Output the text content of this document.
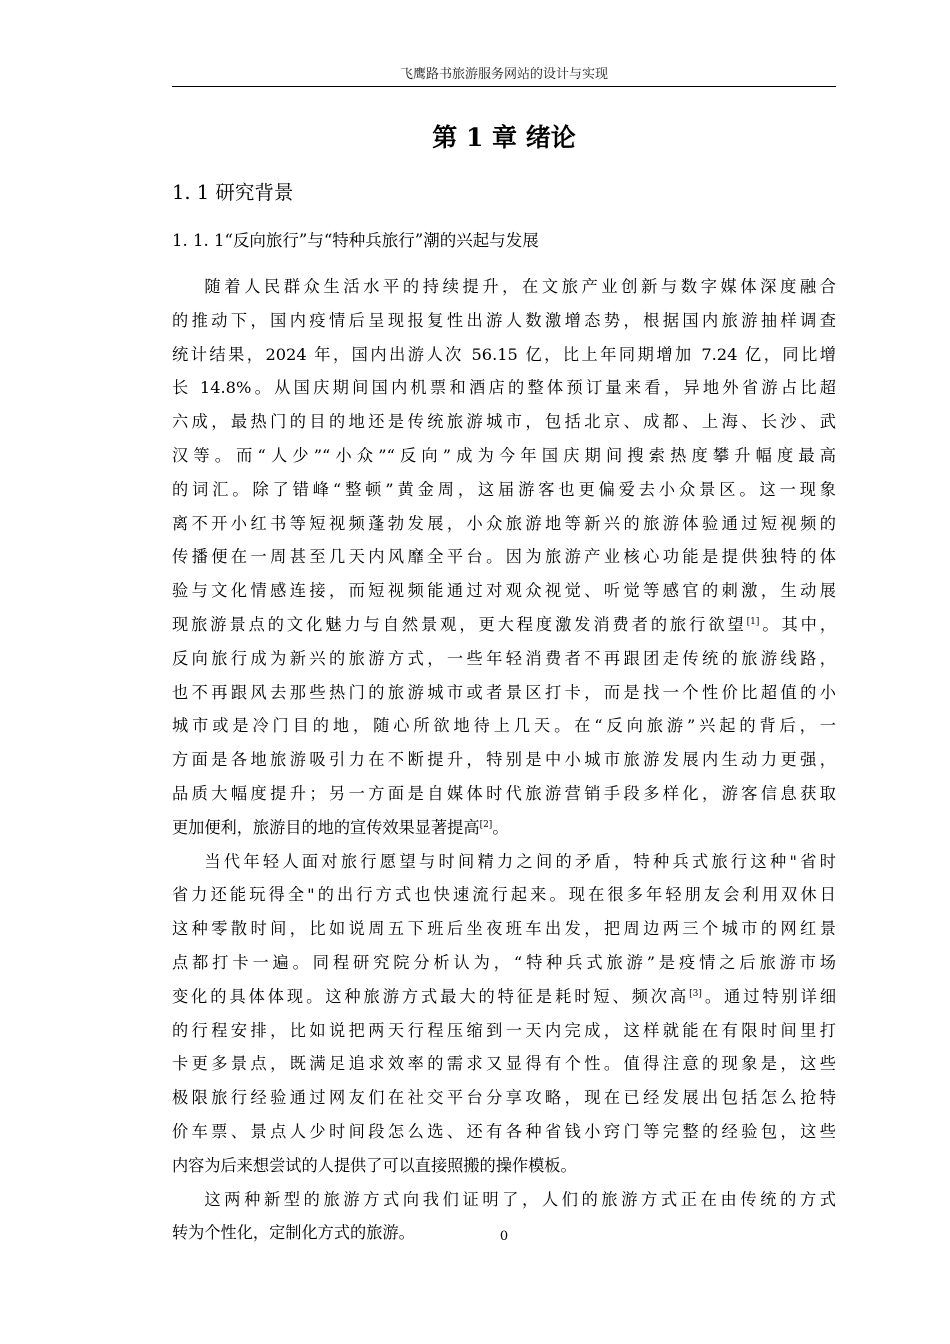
飞鹰路书旅游服务网站的设计与实现
第 1 章 绪论
1. 1 研究背景
1. 1. 1“反向旅行”与“特种兵旅行”潮的兴起与发展

随着人民群众生活水平的持续提升，在文旅产业创新与数字媒体深度融合
的推动下，国内疫情后呈现报复性出游人数激增态势，根据国内旅游抽样调查
统计结果，2024 年，国内出游人次 56.15 亿，比上年同期增加 7.24 亿，同比增
长 14.8%。从国庆期间国内机票和酒店的整体预订量来看，异地外省游占比超
六成，最热门的目的地还是传统旅游城市，包括北京、成都、上海、长沙、武
汉等。而“人少”“小众”“反向”成为今年国庆期间搜索热度攀升幅度最高
的词汇。除了错峰“整顿”黄金周，这届游客也更偏爱去小众景区。这一现象
离不开小红书等短视频蓬勃发展，小众旅游地等新兴的旅游体验通过短视频的
传播便在一周甚至几天内风靡全平台。因为旅游产业核心功能是提供独特的体
验与文化情感连接，而短视频能通过对观众视觉、听觉等感官的刺激，生动展
现旅游景点的文化魅力与自然景观，更大程度激发消费者的旅行欲望[1]。其中，
反向旅行成为新兴的旅游方式，一些年轻消费者不再跟团走传统的旅游线路，
也不再跟风去那些热门的旅游城市或者景区打卡，而是找一个性价比超值的小
城市或是冷门目的地，随心所欲地待上几天。在“反向旅游”兴起的背后，一
方面是各地旅游吸引力在不断提升，特别是中小城市旅游发展内生动力更强，
品质大幅度提升；另一方面是自媒体时代旅游营销手段多样化，游客信息获取
更加便利，旅游目的地的宣传效果显著提高[2]。

当代年轻人面对旅行愿望与时间精力之间的矛盾，特种兵式旅行这种"省时
省力还能玩得全"的出行方式也快速流行起来。现在很多年轻朋友会利用双休日
这种零散时间，比如说周五下班后坐夜班车出发，把周边两三个城市的网红景
点都打卡一遍。同程研究院分析认为，“特种兵式旅游”是疫情之后旅游市场
变化的具体体现。这种旅游方式最大的特征是耗时短、频次高[3]。通过特别详细
的行程安排，比如说把两天行程压缩到一天内完成，这样就能在有限时间里打
卡更多景点，既满足追求效率的需求又显得有个性。值得注意的现象是，这些
极限旅行经验通过网友们在社交平台分享攻略，现在已经发展出包括怎么抢特
价车票、景点人少时间段怎么选、还有各种省钱小窍门等完整的经验包，这些
内容为后来想尝试的人提供了可以直接照搬的操作模板。

这两种新型的旅游方式向我们证明了，人们的旅游方式正在由传统的方式
转为个性化，定制化方式的旅游。	0
